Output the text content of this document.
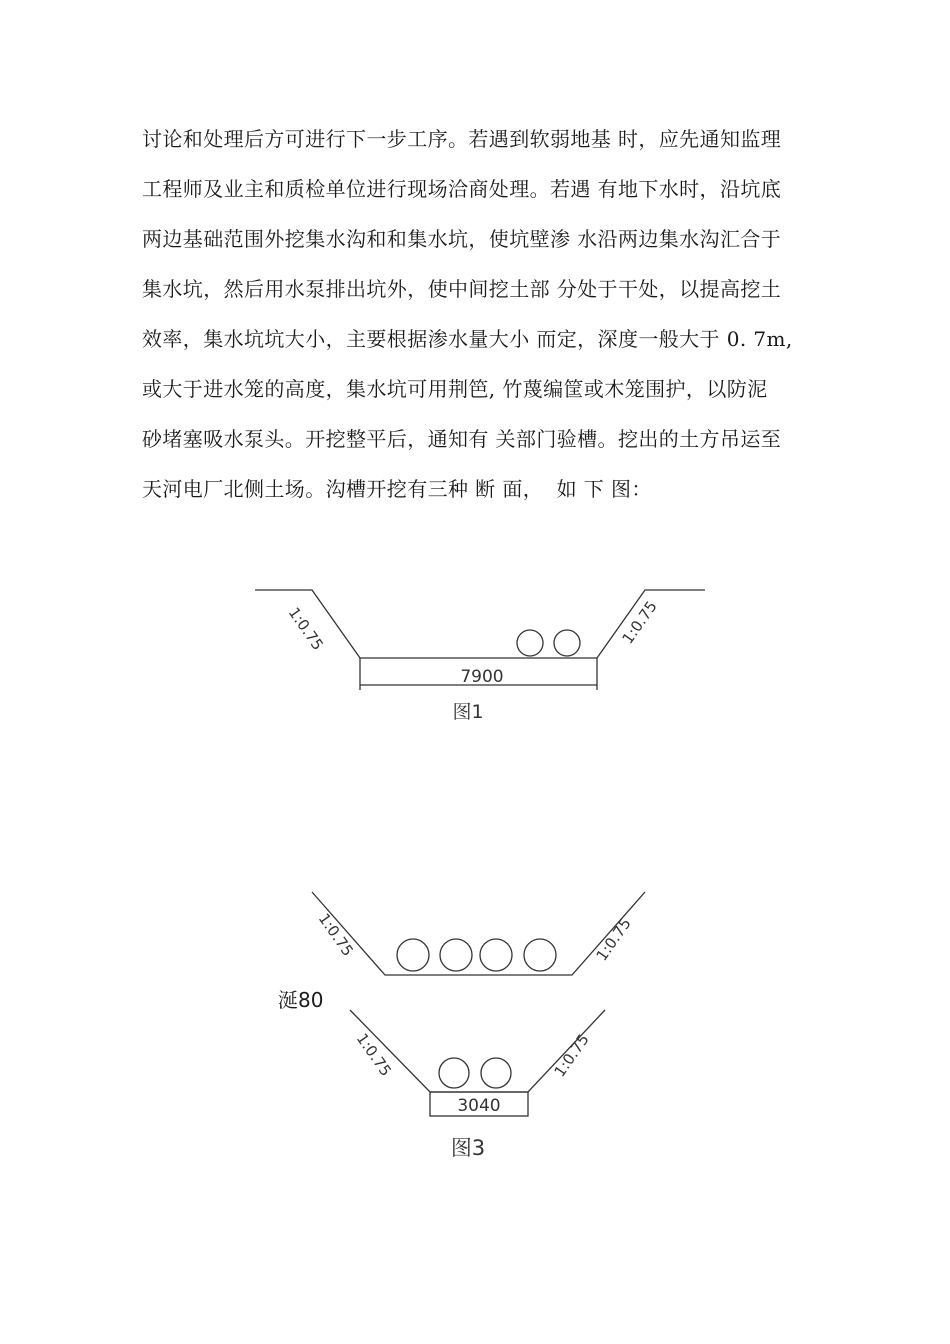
讨论和处理后方可进行下一步工序。若遇到软弱地基 时，应先通知监理
工程师及业主和质检单位进行现场洽商处理。若遇 有地下水时，沿坑底
两边基础范围外挖集水沟和和集水坑，使坑壁渗 水沿两边集水沟汇合于
集水坑，然后用水泵排出坑外，使中间挖土部 分处于干处，以提高挖土
效率，集水坑坑大小，主要根据渗水量大小 而定，深度一般大于 0. 7m,
或大于进水笼的高度，集水坑可用荆笆, 竹蔑编筐或木笼围护，以防泥
砂堵塞吸水泵头。开挖整平后，通知有 关部门验槽。挖出的土方吊运至
天河电厂北侧土场。沟槽开挖有三种 断 面，  如 下 图：
1:0.75	1:0.75
7900
图1
1:0.75	1:0.75
1:0.75	1:0.75
3040
图3
涎80
